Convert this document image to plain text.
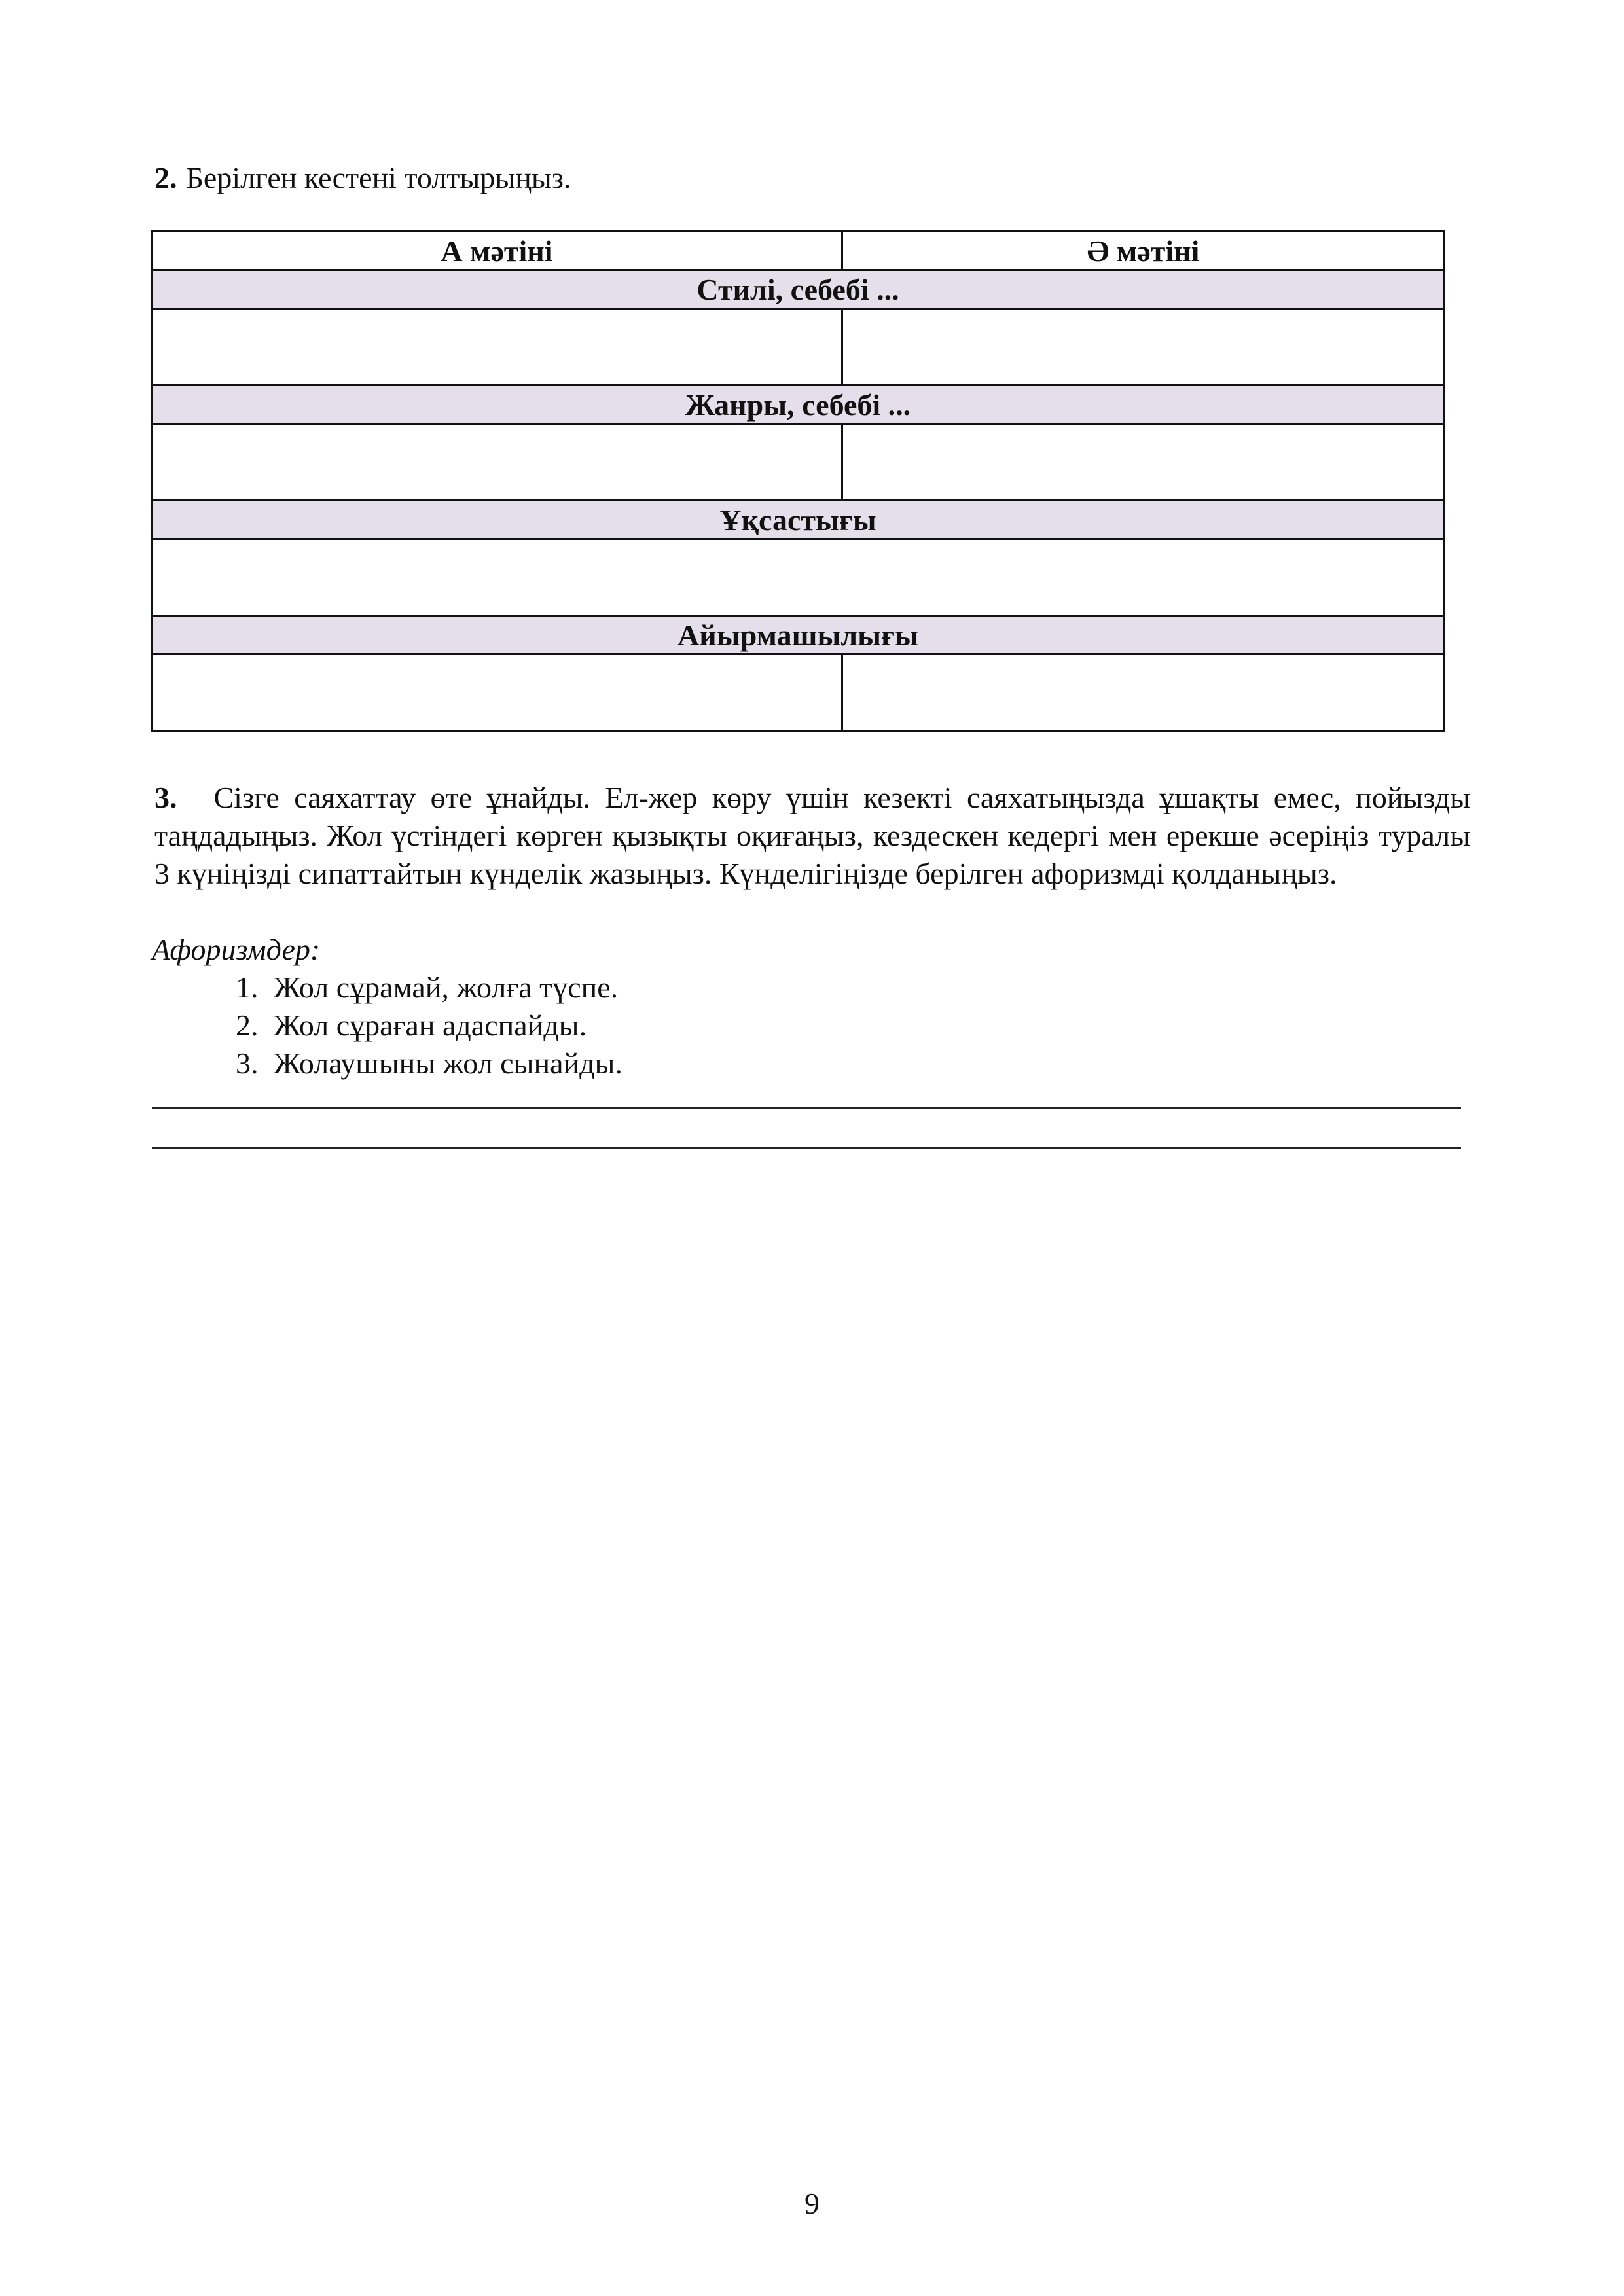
2. Берілген кестені толтырыңыз.
А мәтіні	Ә мәтіні
Стилі, себебі ...	

Жанры, себебі ...	

Ұқсастығы	

Айырмашылығы	

3. Сізге саяхаттау өте ұнайды. Ел-жер көру үшін кезекті саяхатыңызда ұшақты емес, пойызды таңдадыңыз. Жол үстіндегі көрген қызықты оқиғаңыз, кездескен кедергі мен ерекше әсеріңіз туралы 3 күніңізді сипаттайтын күнделік жазыңыз. Күнделігіңізде берілген афоризмді қолданыңыз.
Афоризмдер:
1. Жол сұрамай, жолға түспе.
2. Жол сұраған адаспайды.
3. Жолаушыны жол сынайды.
9
